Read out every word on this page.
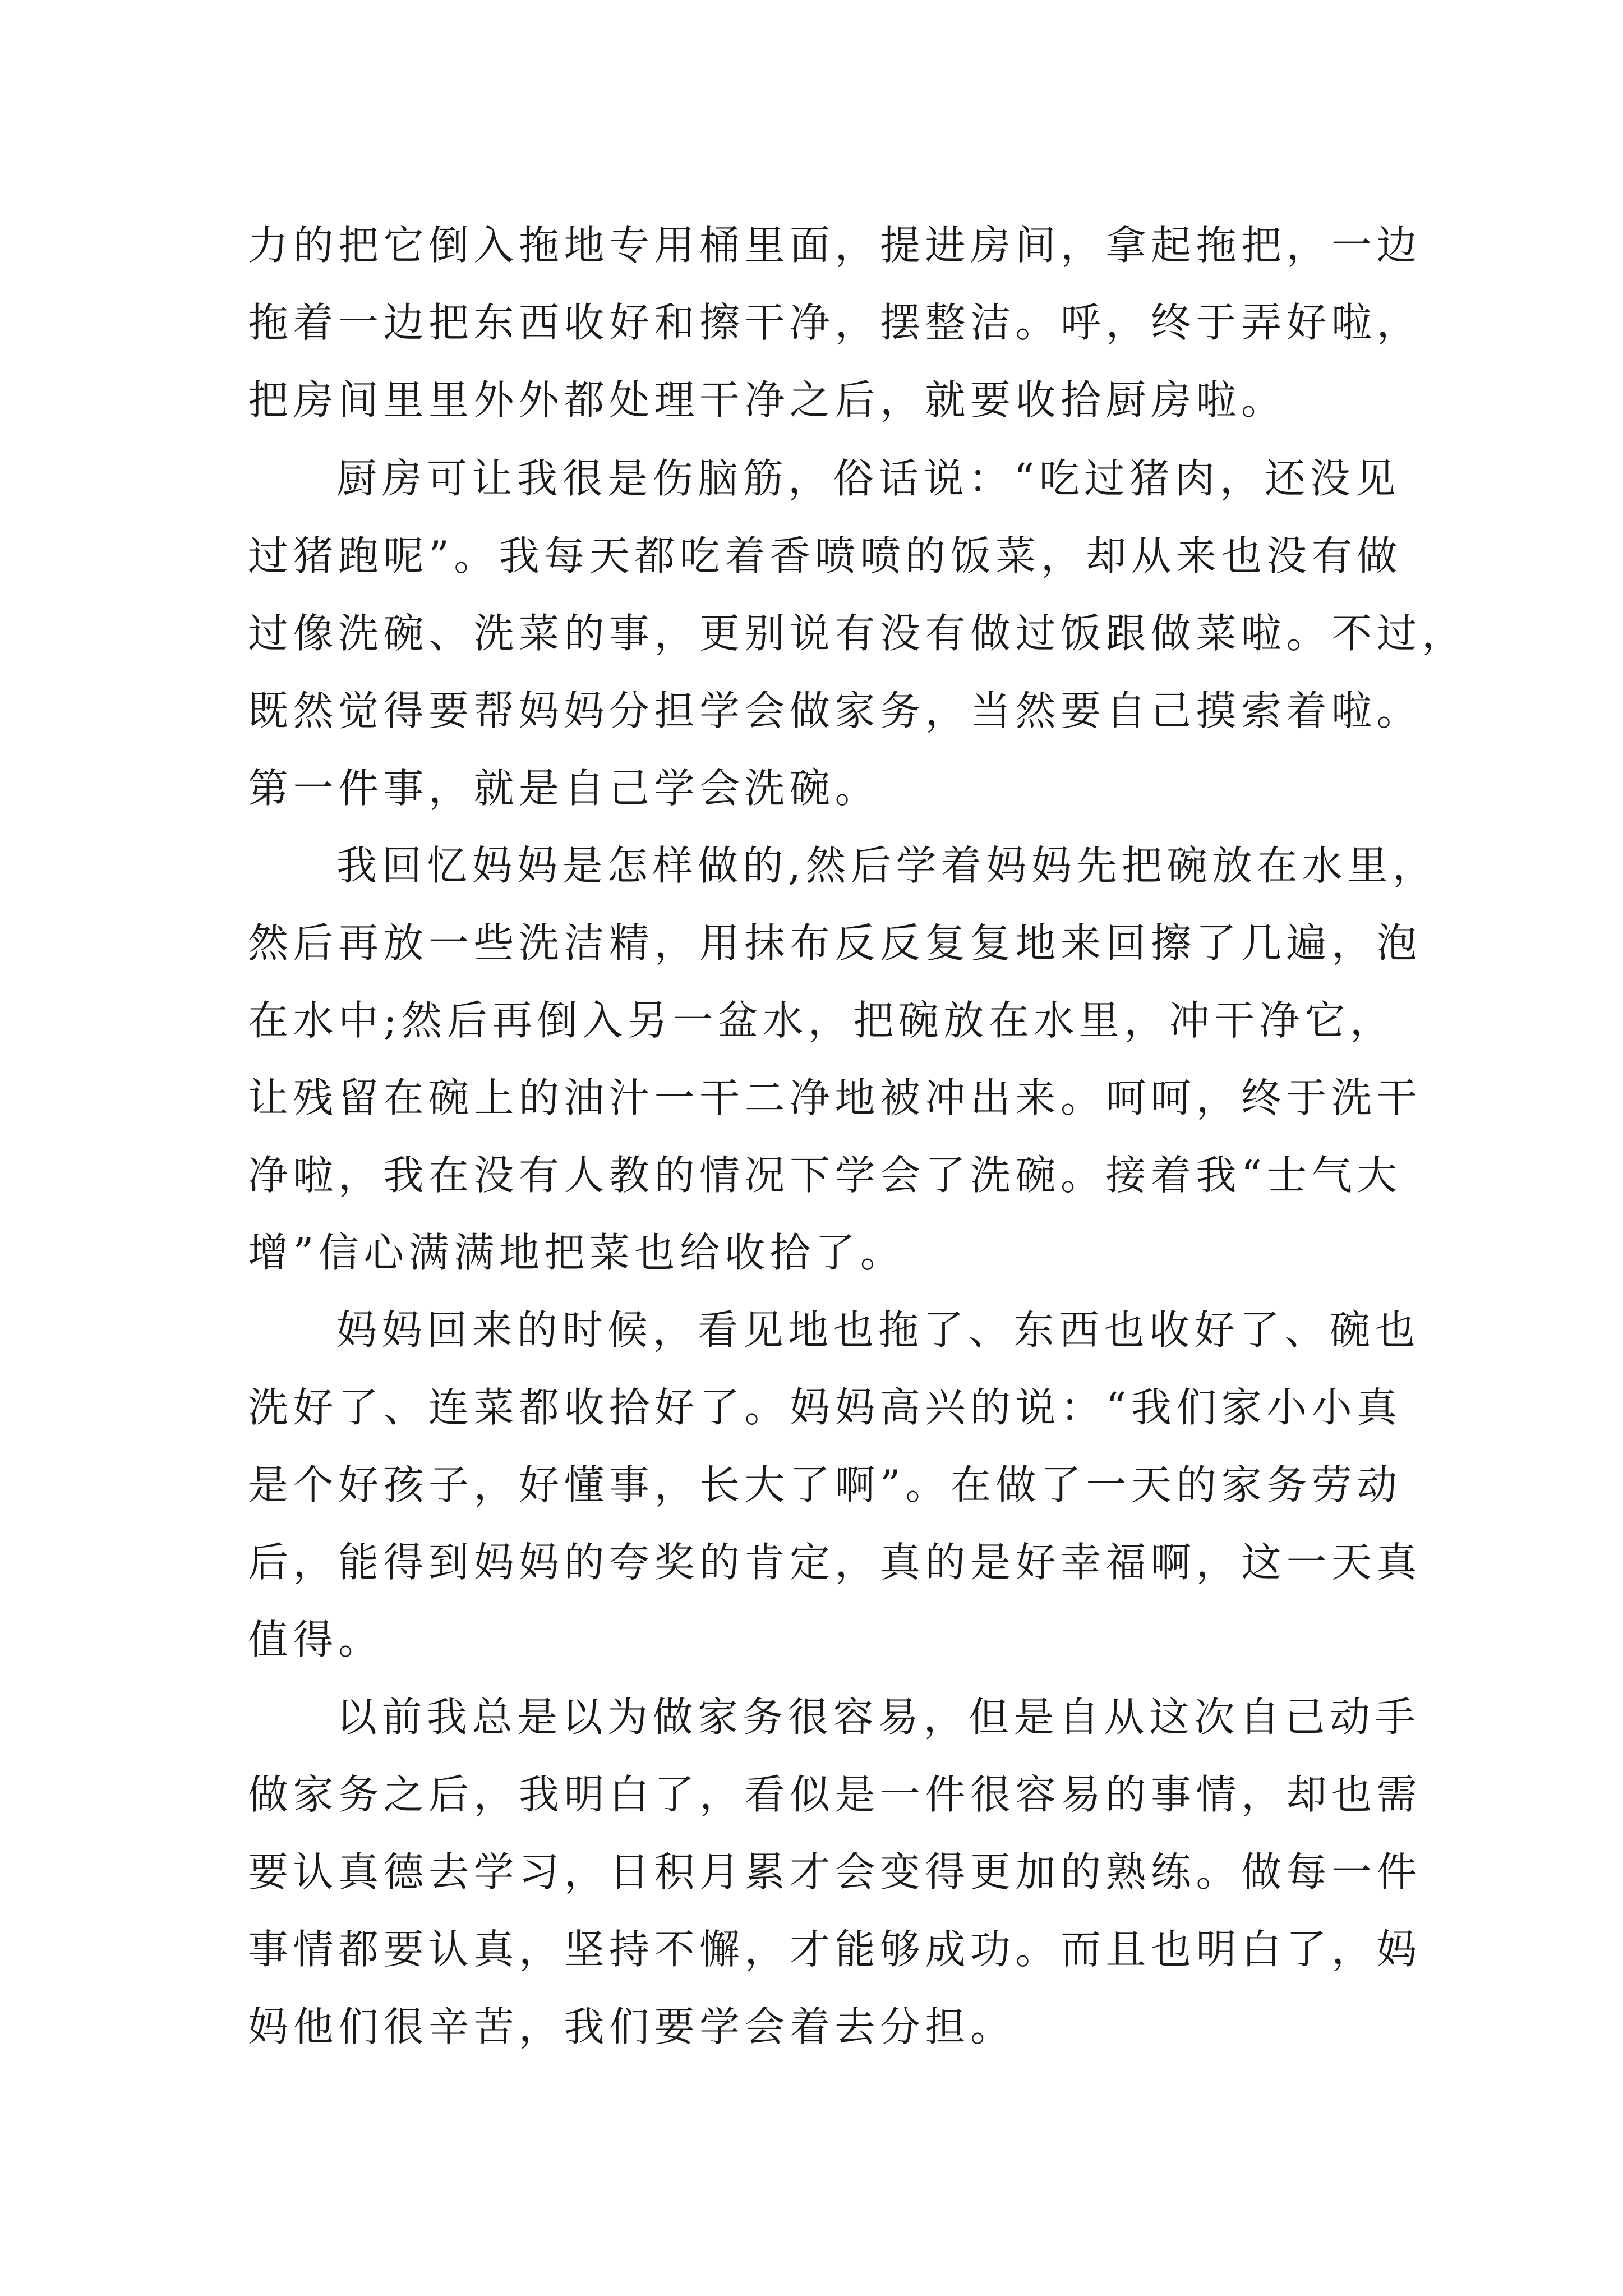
力的把它倒入拖地专用桶里面，提进房间，拿起拖把，一边
拖着一边把东西收好和擦干净，摆整洁。呼，终于弄好啦，
把房间里里外外都处理干净之后，就要收拾厨房啦。
厨房可让我很是伤脑筋，俗话说：“吃过猪肉，还没见
过猪跑呢”。我每天都吃着香喷喷的饭菜，却从来也没有做
过像洗碗、洗菜的事，更别说有没有做过饭跟做菜啦。不过，
既然觉得要帮妈妈分担学会做家务，当然要自己摸索着啦。
第一件事，就是自己学会洗碗。
我回忆妈妈是怎样做的,然后学着妈妈先把碗放在水里，
然后再放一些洗洁精，用抹布反反复复地来回擦了几遍，泡
在水中;然后再倒入另一盆水，把碗放在水里，冲干净它，
让残留在碗上的油汁一干二净地被冲出来。呵呵，终于洗干
净啦，我在没有人教的情况下学会了洗碗。接着我“士气大
增”信心满满地把菜也给收拾了。
妈妈回来的时候，看见地也拖了、东西也收好了、碗也
洗好了、连菜都收拾好了。妈妈高兴的说：“我们家小小真
是个好孩子，好懂事，长大了啊”。在做了一天的家务劳动
后，能得到妈妈的夸奖的肯定，真的是好幸福啊，这一天真
值得。
以前我总是以为做家务很容易，但是自从这次自己动手
做家务之后，我明白了，看似是一件很容易的事情，却也需
要认真德去学习，日积月累才会变得更加的熟练。做每一件
事情都要认真，坚持不懈，才能够成功。而且也明白了，妈
妈他们很辛苦，我们要学会着去分担。
